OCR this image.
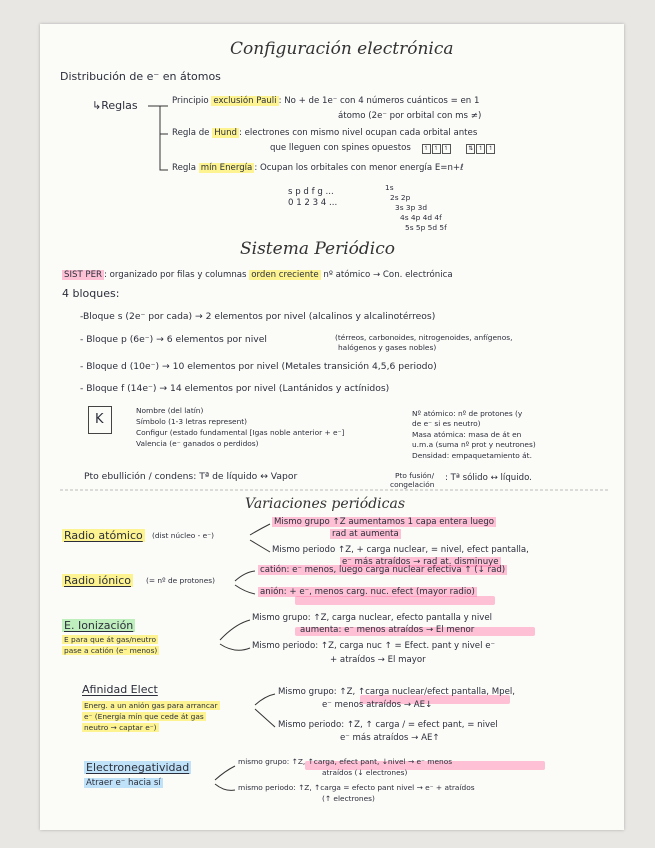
Configuración electrónica
Sistema Periódico
Variaciones periódicas
Distribución de e⁻ en átomos
↳Reglas	Principio exclusión Pauli : No + de 1e⁻ con 4 números cuánticos = en 1
átomo (2e⁻ por orbital con ms ≠)
Regla de Hund : electrones con mismo nivel ocupan cada orbital antes
que lleguen con spines opuestos ↿ ↿ ↿	⇅ ↿ ↿
Regla mín Energía : Ocupan los orbitales con menor energía E=n+ℓ
s p d f g ...
0 1 2 3 4 ...
1s
2s 2p
3s 3p 3d
4s 4p 4d 4f
5s 5p 5d 5f
SIST PER : organizado por filas y columnas orden creciente nº atómico → Con. electrónica
4 bloques:
-Bloque s (2e⁻ por cada) → 2 elementos por nivel (alcalinos y alcalinotérreos)
- Bloque p (6e⁻) → 6 elementos por nivel	(térreos, carbonoides, nitrogenoides, anfígenos,
halógenos y gases nobles)
- Bloque d (10e⁻) → 10 elementos por nivel (Metales transición 4,5,6 periodo)
- Bloque f (14e⁻) → 14 elementos por nivel (Lantánidos y actínidos)
K
Nombre (del latín)
Símbolo (1-3 letras represent)
Configur (estado fundamental [Igas noble anterior + e⁻]
Valencia (e⁻ ganados o perdidos)
Nº atómico: nº de protones (y
de e⁻ si es neutro)
Masa atómica: masa de át en
u.m.a (suma nº prot y neutrones)
Densidad: empaquetamiento át.
Pto ebullición / condens: Tª de líquido ↔ Vapor	Pto fusión/
congelación
: Tª sólido ↔ líquido.
Radio atómico (dist núcleo - e⁻)
Mismo grupo ↑Z aumentamos 1 capa entera luego
rad at aumenta
Mismo periodo ↑Z, + carga nuclear, = nivel, efect pantalla,
e⁻ más atraídos → rad at. disminuye
Radio iónico (= nº de protones)
catión: e⁻ menos, luego carga nuclear efectiva ↑ (↓ rad)
anión: + e⁻, menos carg. nuc. efect (mayor radio)
E. Ionización
E para que át gas/neutro
pase a catión (e⁻ menos)
Mismo grupo: ↑Z, carga nuclear, efecto pantalla y nivel
aumenta: e⁻ menos atraídos → El menor
Mismo periodo: ↑Z, carga nuc ↑ = Efect. pant y nivel e⁻
+ atraídos → El mayor
Afinidad Elect
Energ. a un anión gas para arrancar
e⁻ (Energía mín que cede át gas
neutro → captar e⁻)
Mismo grupo: ↑Z, ↑carga nuclear/efect pantalla, Mpel,
e⁻ menos atraídos → AE↓
Mismo periodo: ↑Z, ↑ carga / = efect pant, = nivel
e⁻ más atraídos → AE↑
Electronegatividad
Atraer e⁻ hacia sí
mismo grupo: ↑Z, ↑carga, efect pant, ↓nivel → e⁻ menos
atraídos (↓ electrones)
mismo periodo: ↑Z, ↑carga = efecto pant nivel → e⁻ + atraídos
(↑ electrones)
